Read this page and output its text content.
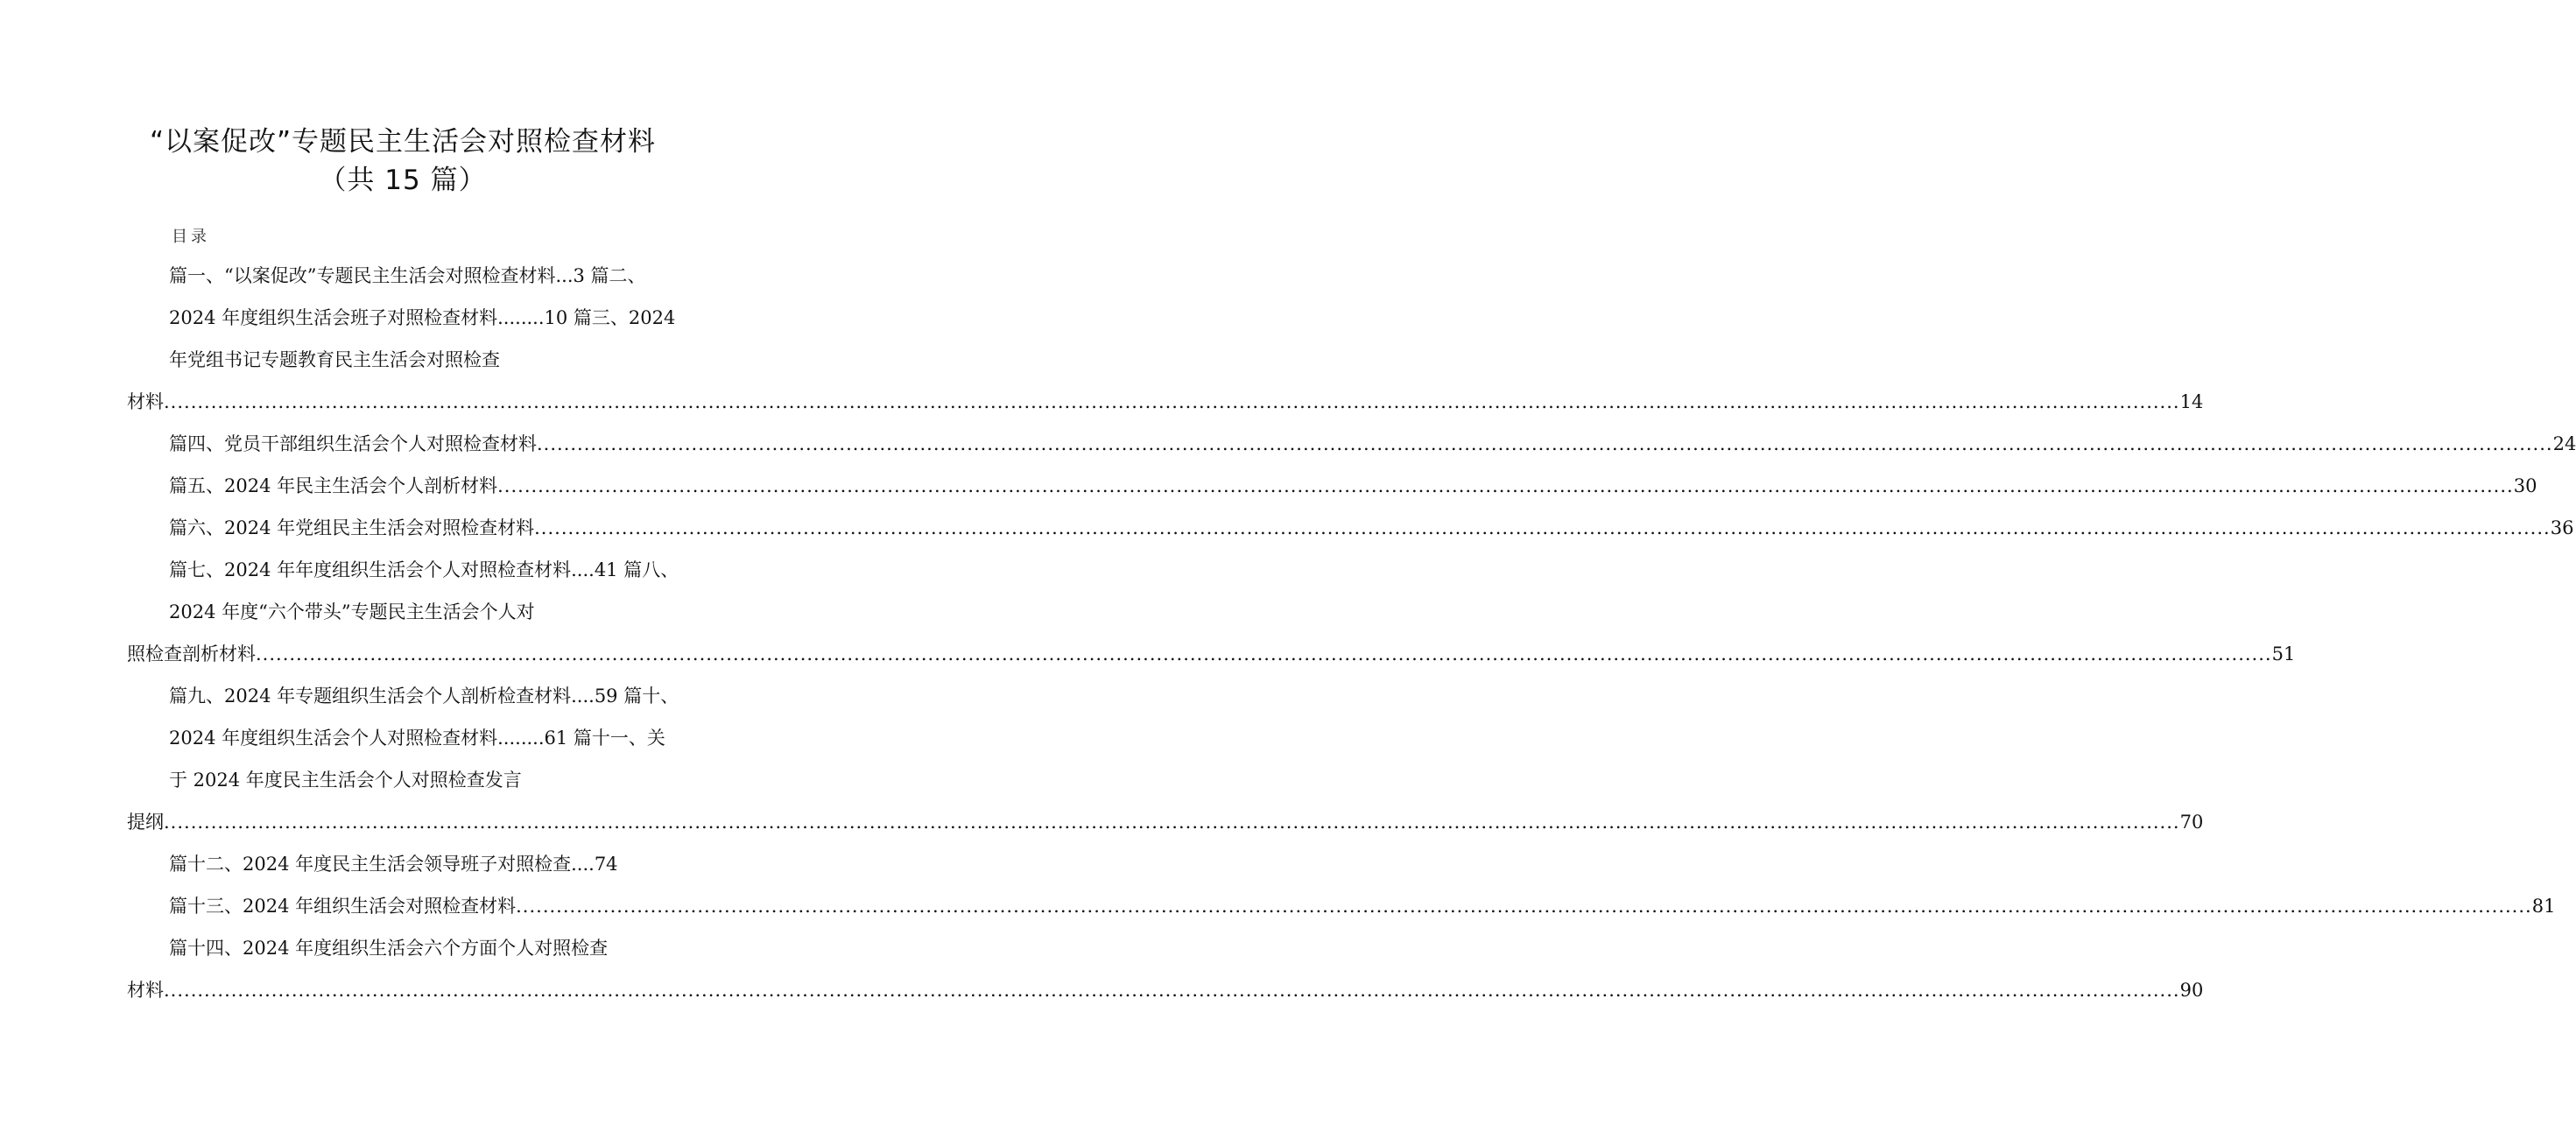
“以案促改”专题民主生活会对照检查材料
（共 15 篇）
目录
篇一、“以案促改”专题民主生活会对照检查材料...3 篇二、
2024 年度组织生活会班子对照检查材料........10 篇三、2024
年党组书记专题教育民主生活会对照检查
材料 ............................................................................................................................................................................................................................................................................................................ 14
篇四、党员干部组织生活会个人对照检查材料 ............................................................................................................................................................................................................................................................................................................ 24
篇五、2024 年民主生活会个人剖析材料 ............................................................................................................................................................................................................................................................................................................ 30
篇六、2024 年党组民主生活会对照检查材料 ............................................................................................................................................................................................................................................................................................................ 36
篇七、2024 年年度组织生活会个人对照检查材料....41 篇八、
2024 年度“六个带头”专题民主生活会个人对
照检查剖析材料 ............................................................................................................................................................................................................................................................................................................ 51
篇九、2024 年专题组织生活会个人剖析检查材料....59 篇十、
2024 年度组织生活会个人对照检查材料........61 篇十一、关
于 2024 年度民主生活会个人对照检查发言
提纲 ............................................................................................................................................................................................................................................................................................................ 70
篇十二、2024 年度民主生活会领导班子对照检查....74
篇十三、2024 年组织生活会对照检查材料 ............................................................................................................................................................................................................................................................................................................ 81
篇十四、2024 年度组织生活会六个方面个人对照检查
材料 ............................................................................................................................................................................................................................................................................................................ 90
